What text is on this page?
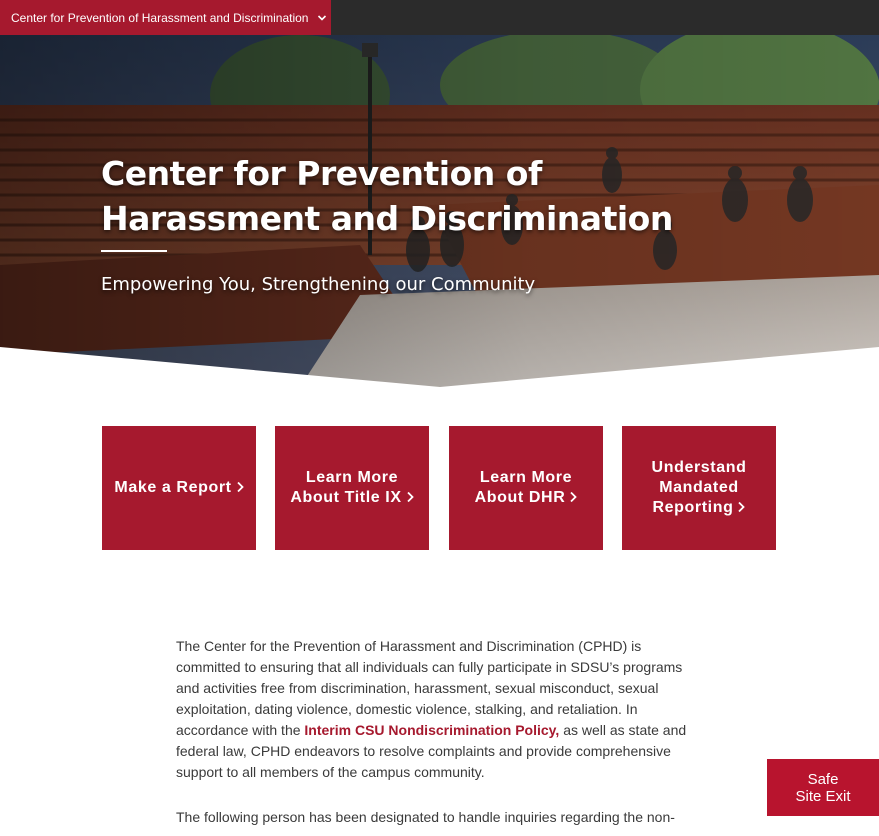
Center for Prevention of Harassment and Discrimination
Center for Prevention of Harassment and Discrimination
Empowering You, Strengthening our Community
Make a Report
Learn More About Title IX
Learn More About DHR
Understand Mandated Reporting

The Center for the Prevention of Harassment and Discrimination (CPHD) is committed to ensuring that all individuals can fully participate in SDSU’s programs and activities free from discrimination, harassment, sexual misconduct, sexual exploitation, dating violence, domestic violence, stalking, and retaliation. In accordance with the Interim CSU Nondiscrimination Policy, as well as state and federal law, CPHD endeavors to resolve complaints and provide comprehensive support to all members of the campus community.

The following person has been designated to handle inquiries regarding the non-

Safe
Site Exit
